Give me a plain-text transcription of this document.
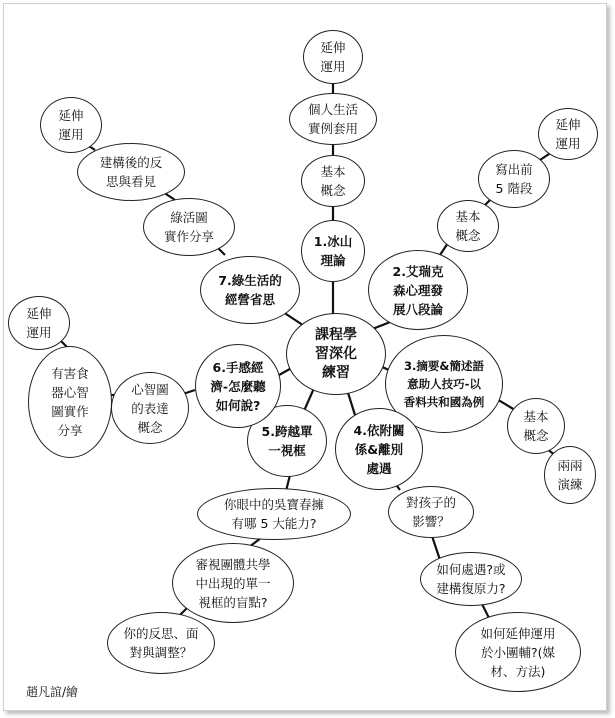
課程學
習深化
練習
1.冰山
理論
基本
概念
個人生活
實例套用
延伸
運用
2.艾瑞克
森心理發
展八段論
基本
概念
寫出前
5 階段
延伸
運用
3.摘要&簡述語
意助人技巧-以
香料共和國為例
基本
概念
兩兩
演練
4.依附關
係&離別
處遇
對孩子的
影響？
如何處遇?或
建構復原力?
如何延伸運用
於小團輔?(媒
材、方法)
5.跨越單
一視框
你眼中的吳寶春擁
有哪 5 大能力?
審視團體共學
中出現的單一
視框的盲點?
你的反思、面
對與調整？
6.手感經
濟-怎麼聽
如何說?
心智圖
的表達
概念
有害食
器心智
圖實作
分享
延伸
運用
7.綠生活的
經營省思
綠活圖
實作分享
建構後的反
思與看見
延伸
運用
趙凡誼/繪
